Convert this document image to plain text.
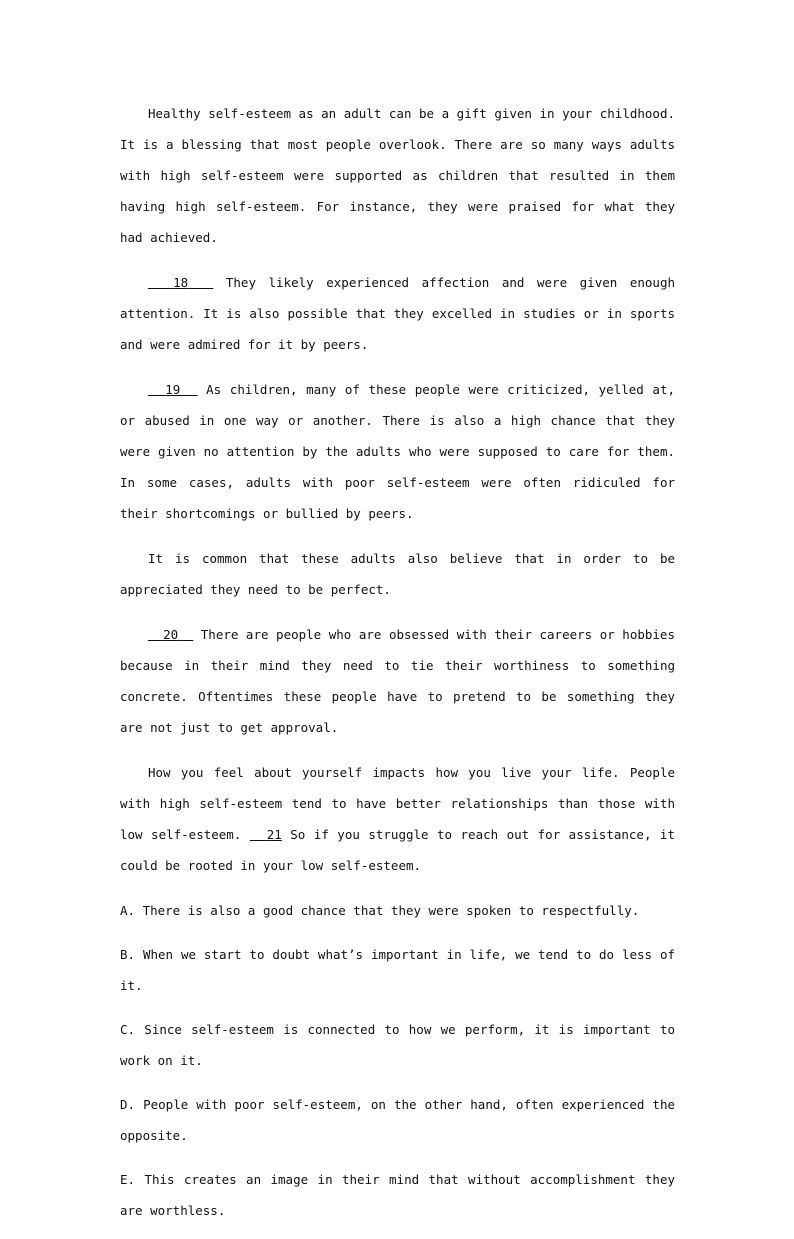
Healthy self-esteem as an adult can be a gift given in your childhood. It is a blessing that most people overlook. There are so many ways adults with high self-esteem were supported as children that resulted in them having high self-esteem. For instance, they were praised for what they had achieved.

18	They likely experienced affection and were given enough attention. It is also possible that they excelled in studies or in sports and were admired for it by peers.

19 As children, many of these people were criticized, yelled at, or abused in one way or another. There is also a high chance that they were given no attention by the adults who were supposed to care for them. In some cases, adults with poor self-esteem were often ridiculed for their shortcomings or bullied by peers.

It is common that these adults also believe that in order to be appreciated they need to be perfect.

20 There are people who are obsessed with their careers or hobbies because in their mind they need to tie their worthiness to something concrete. Oftentimes these people have to pretend to be something they are not just to get approval.

How you feel about yourself impacts how you live your life. People with high self-esteem tend to have better relationships than those with low self-esteem. 21 So if you struggle to reach out for assistance, it could be rooted in your low self-esteem.

A. There is also a good chance that they were spoken to respectfully.

B. When we start to doubt what’s important in life, we tend to do less of it.

C. Since self-esteem is connected to how we perform, it is important to work on it.

D. People with poor self-esteem, on the other hand, often experienced the opposite.

E. This creates an image in their mind that without accomplishment they are worthless.
